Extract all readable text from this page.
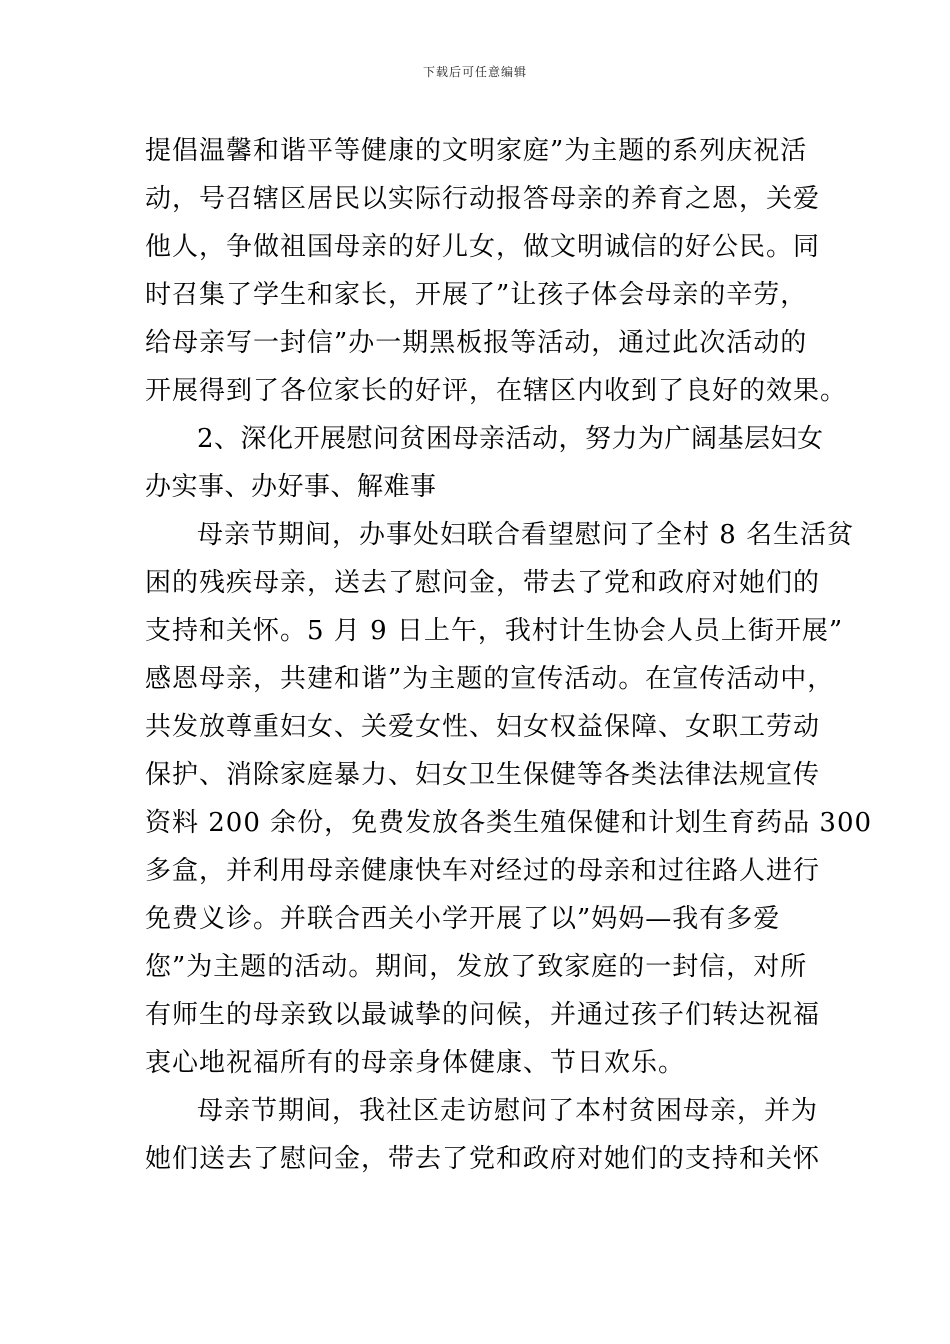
下载后可任意编辑
提倡温馨和谐平等健康的文明家庭”为主题的系列庆祝活
动，号召辖区居民以实际行动报答母亲的养育之恩，关爱
他人，争做祖国母亲的好儿女，做文明诚信的好公民。同
时召集了学生和家长，开展了”让孩子体会母亲的辛劳，
给母亲写一封信”办一期黑板报等活动，通过此次活动的
开展得到了各位家长的好评，在辖区内收到了良好的效果。
2、深化开展慰问贫困母亲活动，努力为广阔基层妇女
办实事、办好事、解难事
母亲节期间，办事处妇联合看望慰问了全村 8 名生活贫
困的残疾母亲，送去了慰问金，带去了党和政府对她们的
支持和关怀。5 月 9 日上午，我村计生协会人员上街开展”
感恩母亲，共建和谐”为主题的宣传活动。在宣传活动中，
共发放尊重妇女、关爱女性、妇女权益保障、女职工劳动
保护、消除家庭暴力、妇女卫生保健等各类法律法规宣传
资料 200 余份，免费发放各类生殖保健和计划生育药品 300
多盒，并利用母亲健康快车对经过的母亲和过往路人进行
免费义诊。并联合西关小学开展了以”妈妈—我有多爱
您”为主题的活动。期间，发放了致家庭的一封信，对所
有师生的母亲致以最诚挚的问候，并通过孩子们转达祝福
衷心地祝福所有的母亲身体健康、节日欢乐。
母亲节期间，我社区走访慰问了本村贫困母亲，并为
她们送去了慰问金，带去了党和政府对她们的支持和关怀
